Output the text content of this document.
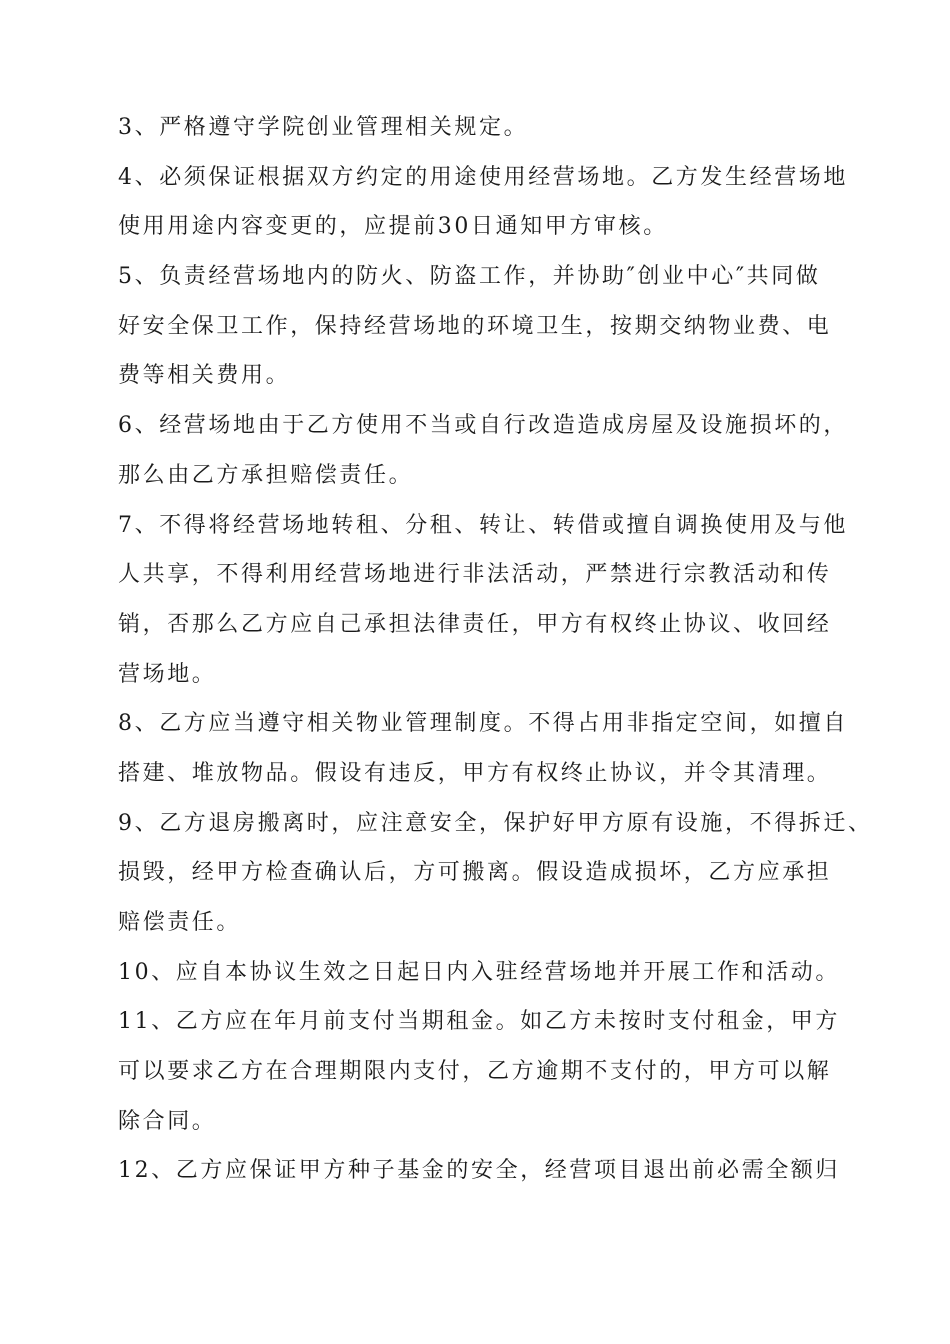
3、严格遵守学院创业管理相关规定。
4、必须保证根据双方约定的用途使用经营场地。乙方发生经营场地
使用用途内容变更的，应提前30日通知甲方审核。
5、负责经营场地内的防火、防盗工作，并协助″创业中心″共同做
好安全保卫工作，保持经营场地的环境卫生，按期交纳物业费、电
费等相关费用。
6、经营场地由于乙方使用不当或自行改造造成房屋及设施损坏的，
那么由乙方承担赔偿责任。
7、不得将经营场地转租、分租、转让、转借或擅自调换使用及与他
人共享，不得利用经营场地进行非法活动，严禁进行宗教活动和传
销，否那么乙方应自己承担法律责任，甲方有权终止协议、收回经
营场地。
8、乙方应当遵守相关物业管理制度。不得占用非指定空间，如擅自
搭建、堆放物品。假设有违反，甲方有权终止协议，并令其清理。
9、乙方退房搬离时，应注意安全，保护好甲方原有设施，不得拆迁、
损毁，经甲方检查确认后，方可搬离。假设造成损坏，乙方应承担
赔偿责任。
10、应自本协议生效之日起日内入驻经营场地并开展工作和活动。
11、乙方应在年月前支付当期租金。如乙方未按时支付租金，甲方
可以要求乙方在合理期限内支付，乙方逾期不支付的，甲方可以解
除合同。
12、乙方应保证甲方种子基金的安全，经营项目退出前必需全额归
